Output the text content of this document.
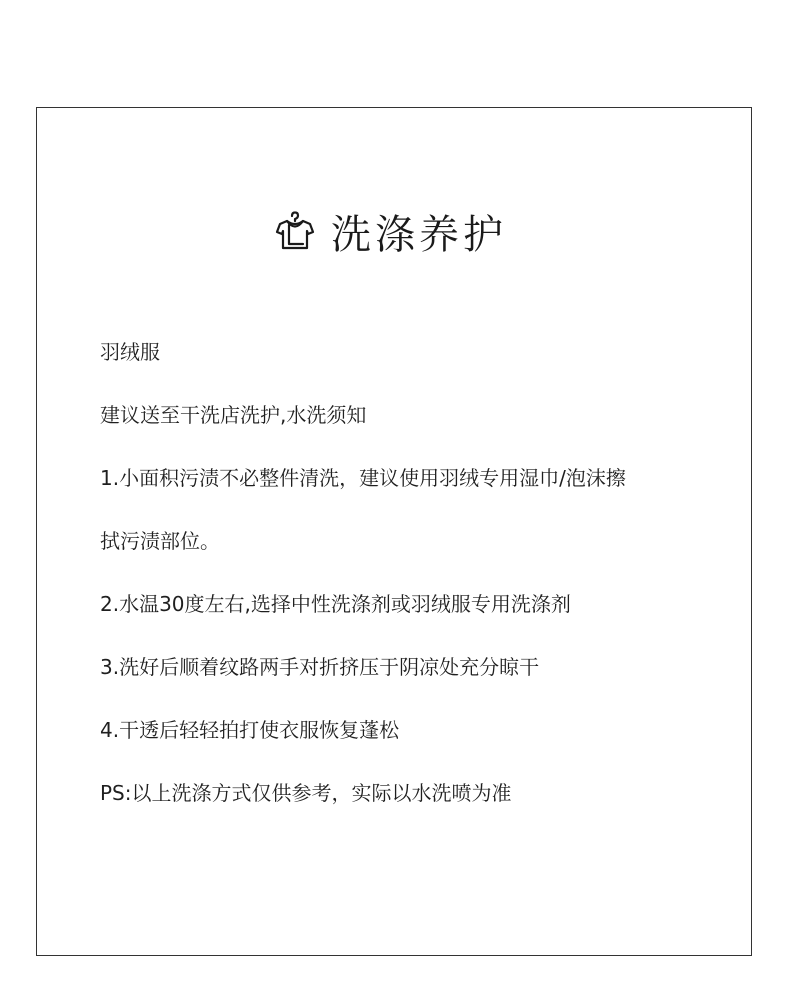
洗涤养护
羽绒服
建议送至干洗店洗护,水洗须知
1.小面积污渍不必整件清洗，建议使用羽绒专用湿巾/泡沫擦
拭污渍部位。
2.水温30度左右,选择中性洗涤剂或羽绒服专用洗涤剂
3.洗好后顺着纹路两手对折挤压于阴凉处充分晾干
4.干透后轻轻拍打使衣服恢复蓬松
PS:以上洗涤方式仅供参考，实际以水洗喷为准
